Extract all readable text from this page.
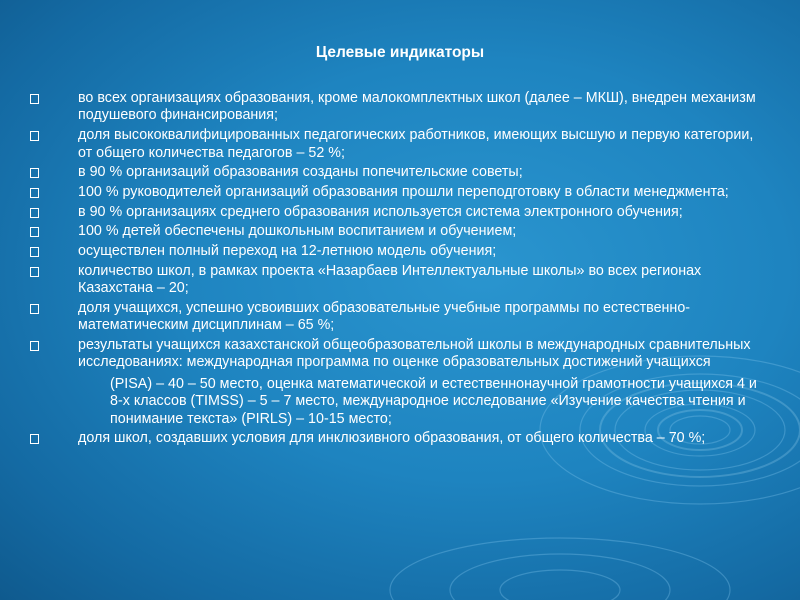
Целевые индикаторы
во всех организациях образования, кроме малокомплектных школ (далее – МКШ), внедрен механизм подушевого финансирования;
доля высококвалифицированных педагогических работников, имеющих высшую и первую категории, от общего количества педагогов – 52 %;
в 90 % организаций образования созданы попечительские советы;
100 % руководителей организаций образования прошли переподготовку в области менеджмента;
в 90 % организациях среднего образования используется система электронного обучения;
100 % детей обеспечены дошкольным воспитанием и обучением;
осуществлен полный переход на 12-летнюю модель обучения;
количество школ, в рамках проекта «Назарбаев Интеллектуальные школы» во всех регионах Казахстана – 20;
доля учащихся, успешно усвоивших образовательные учебные программы по естественно-математическим дисциплинам – 65 %;
результаты учащихся казахстанской общеобразовательной школы в международных сравнительных исследованиях: международная программа по оценке образовательных достижений учащихся
(PISA) – 40 – 50 место, оценка математической и естественнонаучной грамотности учащихся 4 и 8-х классов (TIMSS) – 5 – 7 место, международное исследование «Изучение качества чтения и понимание текста» (PIRLS) – 10-15 место;
доля школ, создавших условия для инклюзивного образования, от общего количества – 70 %;
